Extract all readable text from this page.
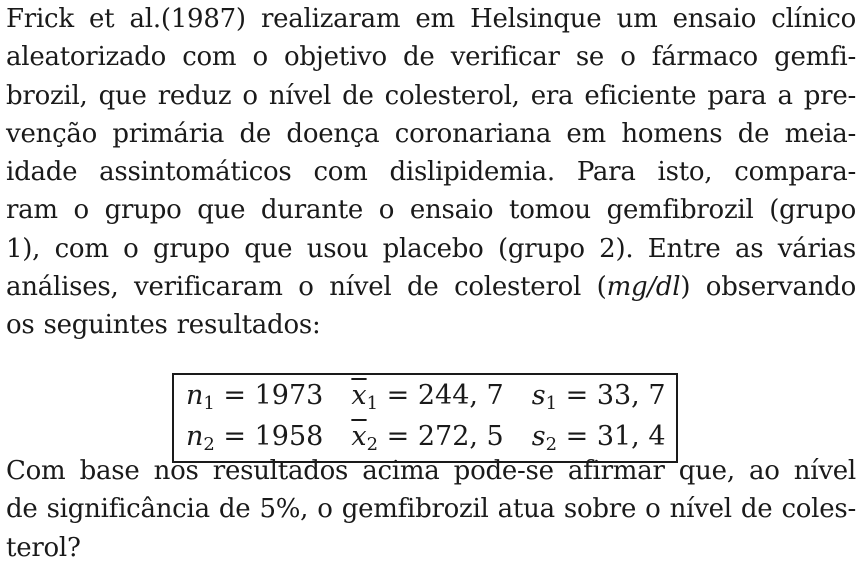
Frick et al.(1987) realizaram em Helsinque um ensaio clínico
aleatorizado com o objetivo de verificar se o fármaco gemfi-
brozil, que reduz o nível de colesterol, era eficiente para a pre-
venção primária de doença coronariana em homens de meia-
idade assintomáticos com dislipidemia. Para isto, compara-
ram o grupo que durante o ensaio tomou gemfibrozil (grupo
1), com o grupo que usou placebo (grupo 2). Entre as várias
análises, verificaram o nível de colesterol (mg/dl) observando
os seguintes resultados:

n1 = 1973	$\overline{x}1 = 244$, 7	s1 = 33, 7
n2 = 1958	$\overline{x}2 = 272$, 5	s2 = 31, 4

Com base nos resultados acima pode-se afirmar que, ao nível
de significância de 5%, o gemfibrozil atua sobre o nível de coles-
terol?
